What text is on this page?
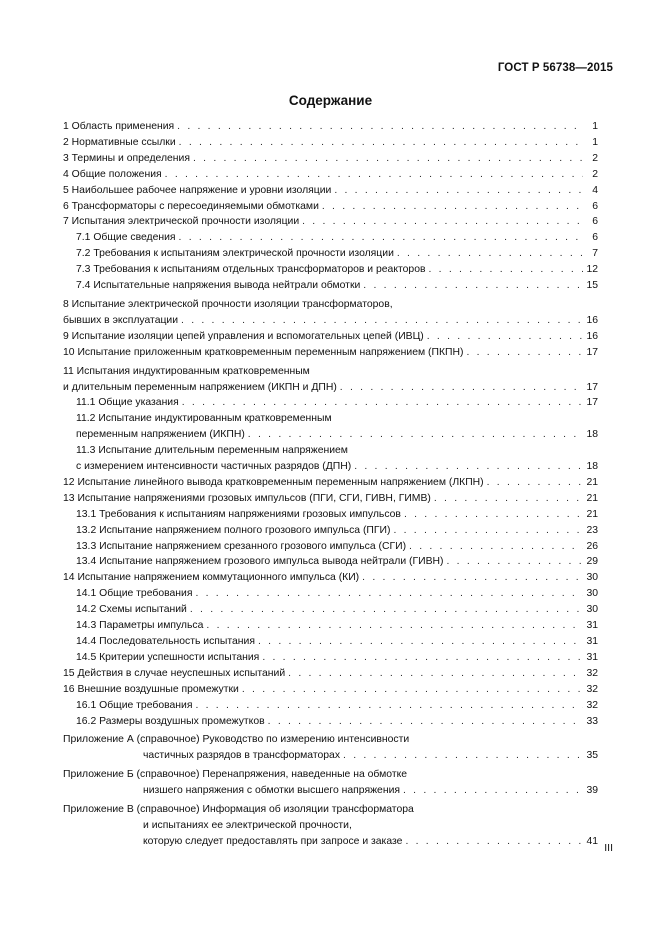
ГОСТ Р 56738—2015
Содержание
1 Область применения . . .	1
2 Нормативные ссылки . . .	1
3 Термины и определения . . .	2
4 Общие положения . . .	2
5 Наибольшее рабочее напряжение и уровни изоляции . . .	4
6 Трансформаторы с пересоединяемыми обмотками . . .	6
7 Испытания электрической прочности изоляции . . .	6
7.1 Общие сведения . . .	6
7.2 Требования к испытаниям электрической прочности изоляции . . .	7
7.3 Требования к испытаниям отдельных трансформаторов и реакторов . . .	12
7.4 Испытательные напряжения вывода нейтрали обмотки . . .	15
8 Испытание электрической прочности изоляции трансформаторов,
бывших в эксплуатации . . .	16
9 Испытание изоляции цепей управления и вспомогательных цепей (ИВЦ) . . .	16
10 Испытание приложенным кратковременным переменным напряжением (ПКПН) . . .	17
11 Испытания индуктированным кратковременным
и длительным переменным напряжением (ИКПН и ДПН) . . .	17
11.1 Общие указания . . .	17
11.2 Испытание индуктированным кратковременным
переменным напряжением (ИКПН) . . .	18
11.3 Испытание длительным переменным напряжением
с измерением интенсивности частичных разрядов (ДПН) . . .	18
12 Испытание линейного вывода кратковременным переменным напряжением (ЛКПН) . . .	21
13 Испытание напряжениями грозовых импульсов (ПГИ, СГИ, ГИВН, ГИМВ) . . .	21
13.1 Требования к испытаниям напряжениями грозовых импульсов . . .	21
13.2 Испытание напряжением полного грозового импульса (ПГИ) . . .	23
13.3 Испытание напряжением срезанного грозового импульса (СГИ) . . .	26
13.4 Испытание напряжением грозового импульса вывода нейтрали (ГИВН) . . .	29
14 Испытание напряжением коммутационного импульса (КИ) . . .	30
14.1 Общие требования . . .	30
14.2 Схемы испытаний . . .	30
14.3 Параметры импульса . . .	31
14.4 Последовательность испытания . . .	31
14.5 Критерии успешности испытания . . .	31
15 Действия в случае неуспешных испытаний . . .	32
16 Внешние воздушные промежутки . . .	32
16.1 Общие требования . . .	32
16.2 Размеры воздушных промежутков . . .	33
Приложение А (справочное) Руководство по измерению интенсивности
частичных разрядов в трансформаторах . . .	35
Приложение Б (справочное) Перенапряжения, наведенные на обмотке
низшего напряжения с обмотки высшего напряжения . . .	39
Приложение В (справочное) Информация об изоляции трансформатора
и испытаниях ее электрической прочности,
которую следует предоставлять при запросе и заказе . . .	41
III
